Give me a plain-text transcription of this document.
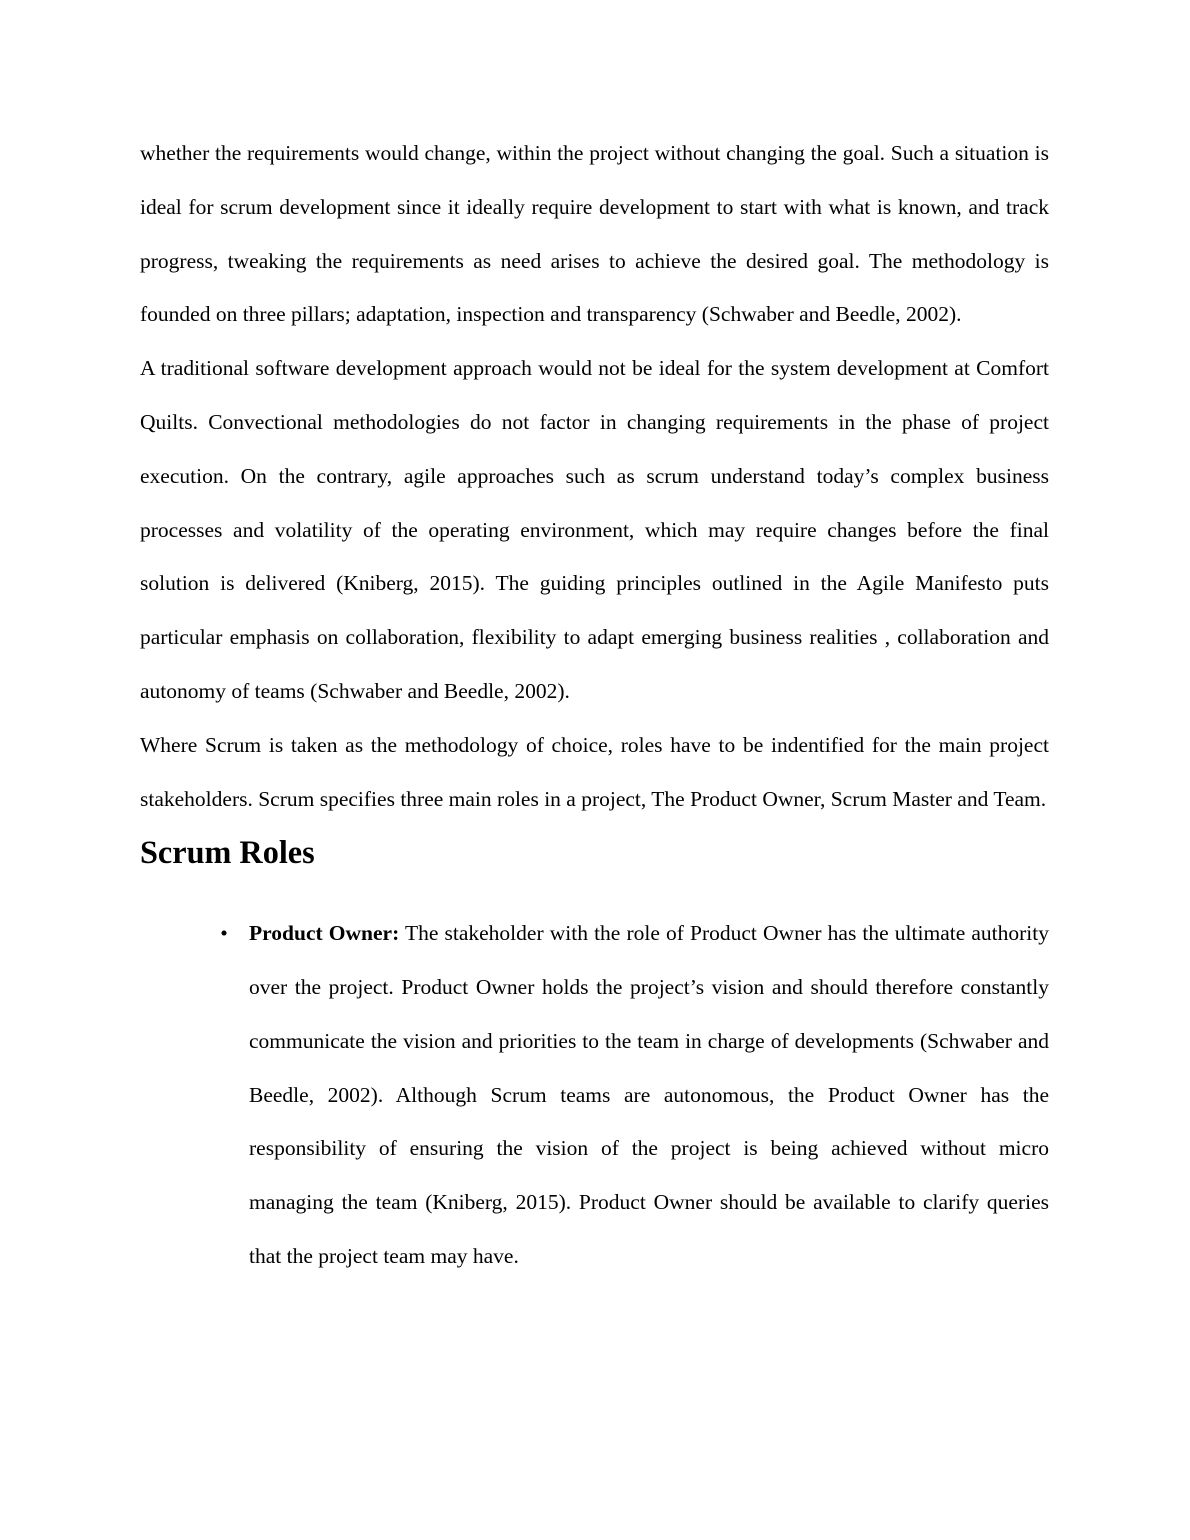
whether the requirements would change, within the project without changing the goal. Such a situation is ideal for scrum development since it ideally require development to start with what is known, and track progress, tweaking the requirements as need arises to achieve the desired goal. The methodology is founded on three pillars; adaptation, inspection and transparency (Schwaber and Beedle, 2002).

A traditional software development approach would not be ideal for the system development at Comfort Quilts. Convectional methodologies do not factor in changing requirements in the phase of project execution. On the contrary, agile approaches such as scrum understand today’s complex business processes and volatility of the operating environment, which may require changes before the final solution is delivered (Kniberg, 2015). The guiding principles outlined in the Agile Manifesto puts particular emphasis on collaboration, flexibility to adapt emerging business realities , collaboration and autonomy of teams (Schwaber and Beedle, 2002).

Where Scrum is taken as the methodology of choice, roles have to be indentified for the main project stakeholders. Scrum specifies three main roles in a project, The Product Owner, Scrum Master and Team.

Scrum Roles
• Product Owner: The stakeholder with the role of Product Owner has the ultimate authority over the project. Product Owner holds the project’s vision and should therefore constantly communicate the vision and priorities to the team in charge of developments (Schwaber and Beedle, 2002). Although Scrum teams are autonomous, the Product Owner has the responsibility of ensuring the vision of the project is being achieved without micro managing the team (Kniberg, 2015). Product Owner should be available to clarify queries that the project team may have.
